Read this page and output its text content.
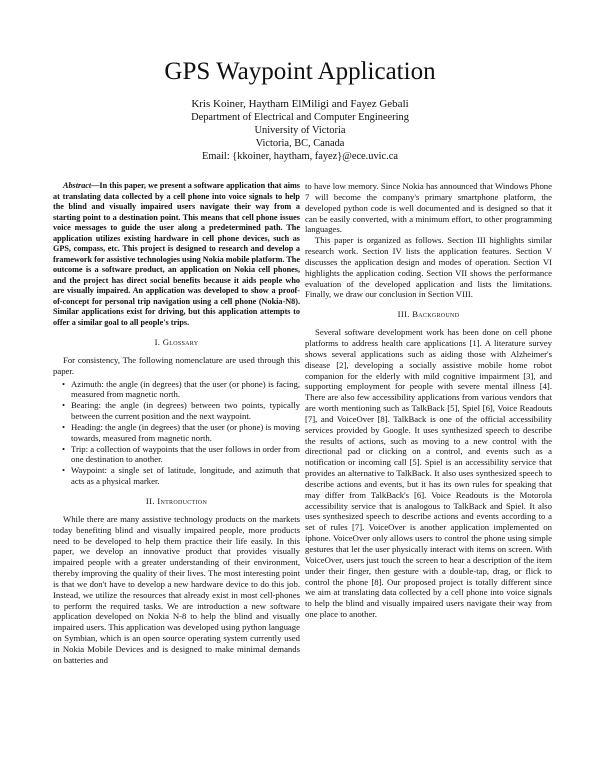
GPS Waypoint Application
Kris Koiner, Haytham ElMiligi and Fayez Gebali
Department of Electrical and Computer Engineering
University of Victoria
Victoria, BC, Canada
Email: {kkoiner, haytham, fayez}@ece.uvic.ca

Abstract—In this paper, we present a software application that aims at translating data collected by a cell phone into voice signals to help the blind and visually impaired users navigate their way from a starting point to a destination point. This means that cell phone issues voice messages to guide the user along a predetermined path. The application utilizes existing hardware in cell phone devices, such as GPS, compass, etc. This project is designed to research and develop a framework for assistive technologies using Nokia mobile platform. The outcome is a software product, an application on Nokia cell phones, and the project has direct social benefits because it aids people who are visually impaired. An application was developed to show a proof-of-concept for personal trip navigation using a cell phone (Nokia-N8). Similar applications exist for driving, but this application attempts to offer a similar goal to all people's trips.

I. Glossary

For consistency, The following nomenclature are used through this paper.

• Azimuth: the angle (in degrees) that the user (or phone) is facing, measured from magnetic north.
• Bearing: the angle (in degrees) between two points, typically between the current position and the next waypoint.
• Heading: the angle (in degrees) that the user (or phone) is moving towards, measured from magnetic north.
• Trip: a collection of waypoints that the user follows in order from one destination to another.
• Waypoint: a single set of latitude, longitude, and azimuth that acts as a physical marker.
II. Introduction

While there are many assistive technology products on the markets today benefiting blind and visually impaired people, more products need to be developed to help them practice their life easily. In this paper, we develop an innovative product that provides visually impaired people with a greater understanding of their environment, thereby improving the quality of their lives. The most interesting point is that we don't have to develop a new hardware device to do this job. Instead, we utilize the resources that already exist in most cell-phones to perform the required tasks. We are introduction a new software application developed on Nokia N-8 to help the blind and visually impaired users. This application was developed using python language on Symbian, which is an open source operating system currently used in Nokia Mobile Devices and is designed to make minimal demands on batteries and

to have low memory. Since Nokia has announced that Windows Phone 7 will become the company's primary smartphone platform, the developed python code is well documented and is designed so that it can be easily converted, with a minimum effort, to other programming languages.

This paper is organized as follows. Section III highlights similar research work. Section IV lists the application features. Section V discusses the application design and modes of operation. Section VI highlights the application coding. Section VII shows the performance evaluation of the developed application and lists the limitations. Finally, we draw our conclusion in Section VIII.

III. Background

Several software development work has been done on cell phone platforms to address health care applications [1]. A literature survey shows several applications such as aiding those with Alzheimer's disease [2], developing a socially assistive mobile home robot companion for the elderly with mild cognitive impairment [3], and supporting employment for people with severe mental illness [4]. There are also few accessibility applications from various vendors that are worth mentioning such as TalkBack [5], Spiel [6], Voice Readouts [7], and VoiceOver [8]. TalkBack is one of the official accessibility services provided by Google. It uses synthesized speech to describe the results of actions, such as moving to a new control with the directional pad or clicking on a control, and events such as a notification or incoming call [5]. Spiel is an accessibility service that provides an alternative to TalkBack. It also uses synthesized speech to describe actions and events, but it has its own rules for speaking that may differ from TalkBack's [6]. Voice Readouts is the Motorola accessibility service that is analogous to TalkBack and Spiel. It also uses synthesized speech to describe actions and events according to a set of rules [7]. VoiceOver is another application implemented on iphone. VoiceOver only allows users to control the phone using simple gestures that let the user physically interact with items on screen. With VoiceOver, users just touch the screen to hear a description of the item under their finger, then gesture with a double-tap, drag, or flick to control the phone [8]. Our proposed project is totally different since we aim at translating data collected by a cell phone into voice signals to help the blind and visually impaired users navigate their way from one place to another.
